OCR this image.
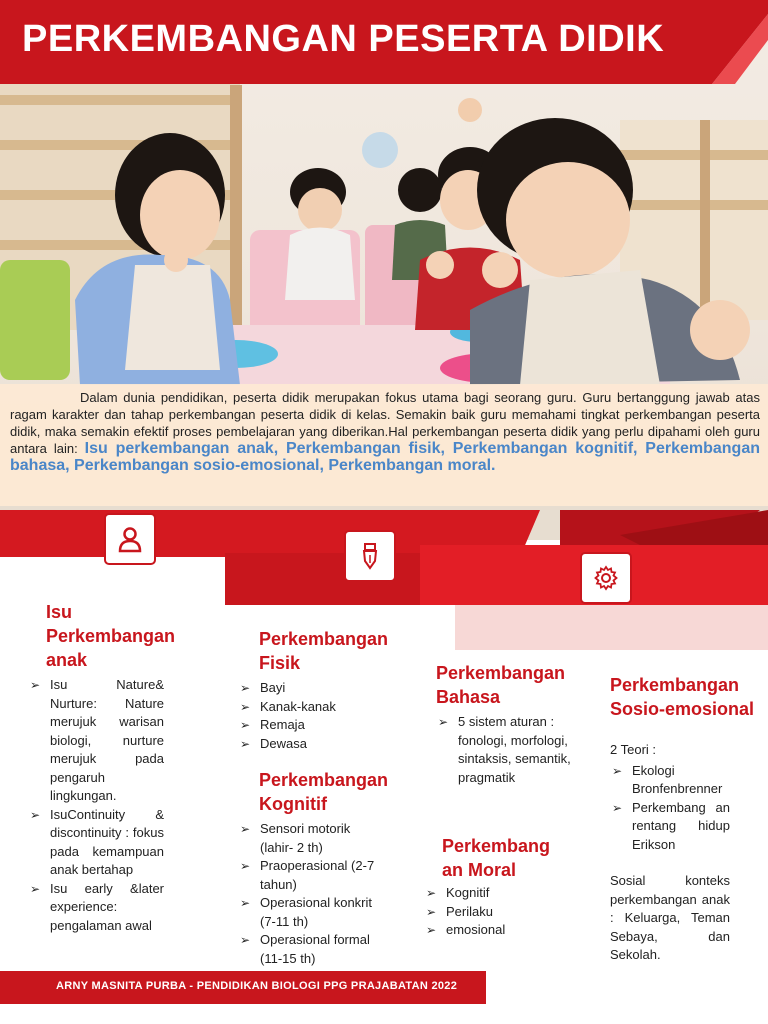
PERKEMBANGAN PESERTA DIDIK

Dalam dunia pendidikan, peserta didik merupakan fokus utama bagi seorang guru. Guru bertanggung jawab atas ragam karakter dan tahap perkembangan peserta didik di kelas. Semakin baik guru memahami tingkat perkembangan peserta didik, maka semakin efektif proses pembelajaran yang diberikan.Hal perkembangan peserta didik yang perlu dipahami oleh guru antara lain: Isu perkembangan anak, Perkembangan fisik, Perkembangan kognitif, Perkembangan bahasa, Perkembangan sosio-emosional, Perkembangan moral.

Isu Perkembangan anak
➢ Isu Nature& Nurture: Nature merujuk warisan biologi, nurture merujuk pada pengaruh lingkungan.
➢ IsuContinuity & discontinuity : fokus pada kemampuan anak bertahap
➢ Isu early &later experience: pengalaman awal
Perkembangan Fisik
➢ Bayi
➢ Kanak-kanak
➢ Remaja
➢ Dewasa
Perkembangan Kognitif
➢ Sensori motorik (lahir- 2 th)
➢ Praoperasional (2-7 tahun)
➢ Operasional konkrit (7-11 th)
➢ Operasional formal (11-15 th)
Perkembangan Bahasa
➢ 5 sistem aturan : fonologi, morfologi, sintaksis, semantik, pragmatik
Perkembang an Moral
➢ Kognitif
➢ Perilaku
➢ emosional
Perkembangan Sosio-emosional
2 Teori :
➢ Ekologi Bronfenbrenner
➢ Perkembang an rentang hidup Erikson
Sosial konteks perkembangan anak : Keluarga, Teman Sebaya, dan Sekolah.
ARNY MASNITA PURBA - PENDIDIKAN BIOLOGI PPG PRAJABATAN 2022
